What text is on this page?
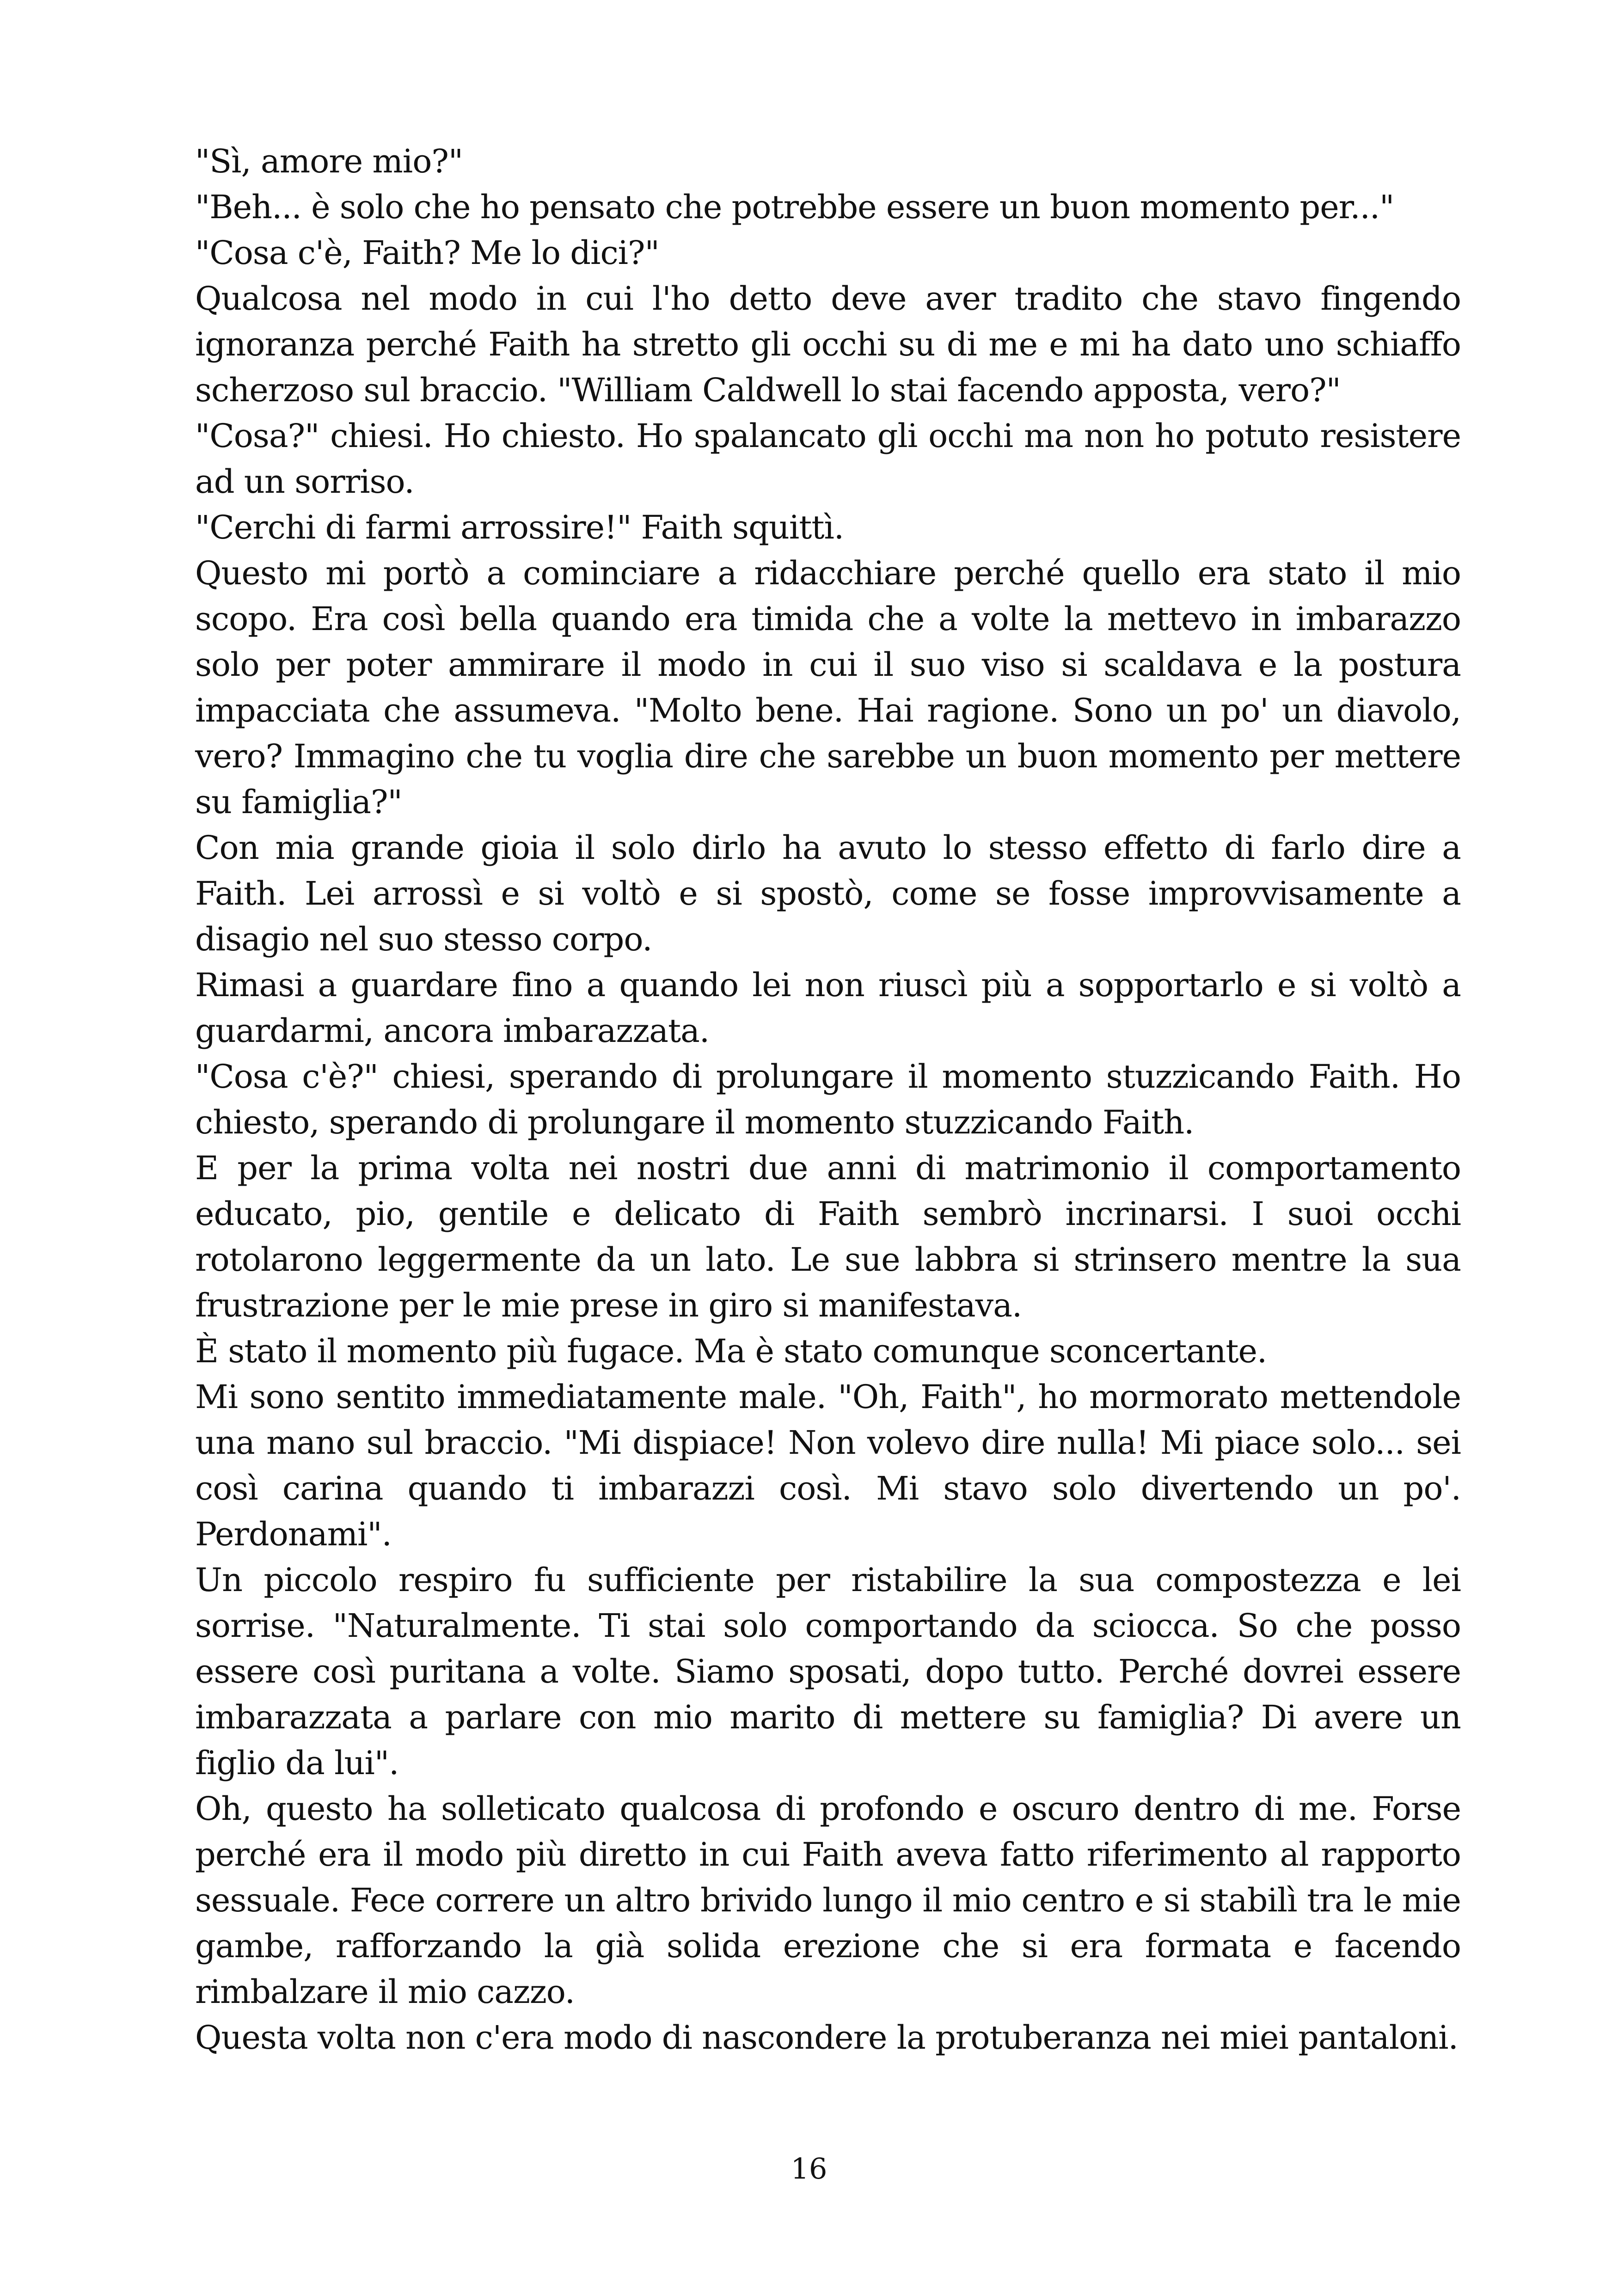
"Sì, amore mio?"

"Beh... è solo che ho pensato che potrebbe essere un buon momento per..."

"Cosa c'è, Faith? Me lo dici?"

Qualcosa nel modo in cui l'ho detto deve aver tradito che stavo fingendo ignoranza perché Faith ha stretto gli occhi su di me e mi ha dato uno schiaffo scherzoso sul braccio. "William Caldwell lo stai facendo apposta, vero?"

"Cosa?" chiesi. Ho chiesto. Ho spalancato gli occhi ma non ho potuto resistere ad un sorriso.

"Cerchi di farmi arrossire!" Faith squittì.

Questo mi portò a cominciare a ridacchiare perché quello era stato il mio scopo. Era così bella quando era timida che a volte la mettevo in imbarazzo solo per poter ammirare il modo in cui il suo viso si scaldava e la postura impacciata che assumeva. "Molto bene. Hai ragione. Sono un po' un diavolo, vero? Immagino che tu voglia dire che sarebbe un buon momento per mettere su famiglia?"

Con mia grande gioia il solo dirlo ha avuto lo stesso effetto di farlo dire a Faith. Lei arrossì e si voltò e si spostò, come se fosse improvvisamente a disagio nel suo stesso corpo.

Rimasi a guardare fino a quando lei non riuscì più a sopportarlo e si voltò a guardarmi, ancora imbarazzata.

"Cosa c'è?" chiesi, sperando di prolungare il momento stuzzicando Faith. Ho chiesto, sperando di prolungare il momento stuzzicando Faith.

E per la prima volta nei nostri due anni di matrimonio il comportamento educato, pio, gentile e delicato di Faith sembrò incrinarsi. I suoi occhi rotolarono leggermente da un lato. Le sue labbra si strinsero mentre la sua frustrazione per le mie prese in giro si manifestava.

È stato il momento più fugace. Ma è stato comunque sconcertante.

Mi sono sentito immediatamente male. "Oh, Faith", ho mormorato mettendole una mano sul braccio. "Mi dispiace! Non volevo dire nulla! Mi piace solo... sei così carina quando ti imbarazzi così. Mi stavo solo divertendo un po'. Perdonami".

Un piccolo respiro fu sufficiente per ristabilire la sua compostezza e lei sorrise. "Naturalmente. Ti stai solo comportando da sciocca. So che posso essere così puritana a volte. Siamo sposati, dopo tutto. Perché dovrei essere imbarazzata a parlare con mio marito di mettere su famiglia? Di avere un figlio da lui".

Oh, questo ha solleticato qualcosa di profondo e oscuro dentro di me. Forse perché era il modo più diretto in cui Faith aveva fatto riferimento al rapporto sessuale. Fece correre un altro brivido lungo il mio centro e si stabilì tra le mie gambe, rafforzando la già solida erezione che si era formata e facendo rimbalzare il mio cazzo.

Questa volta non c'era modo di nascondere la protuberanza nei miei pantaloni.

16
